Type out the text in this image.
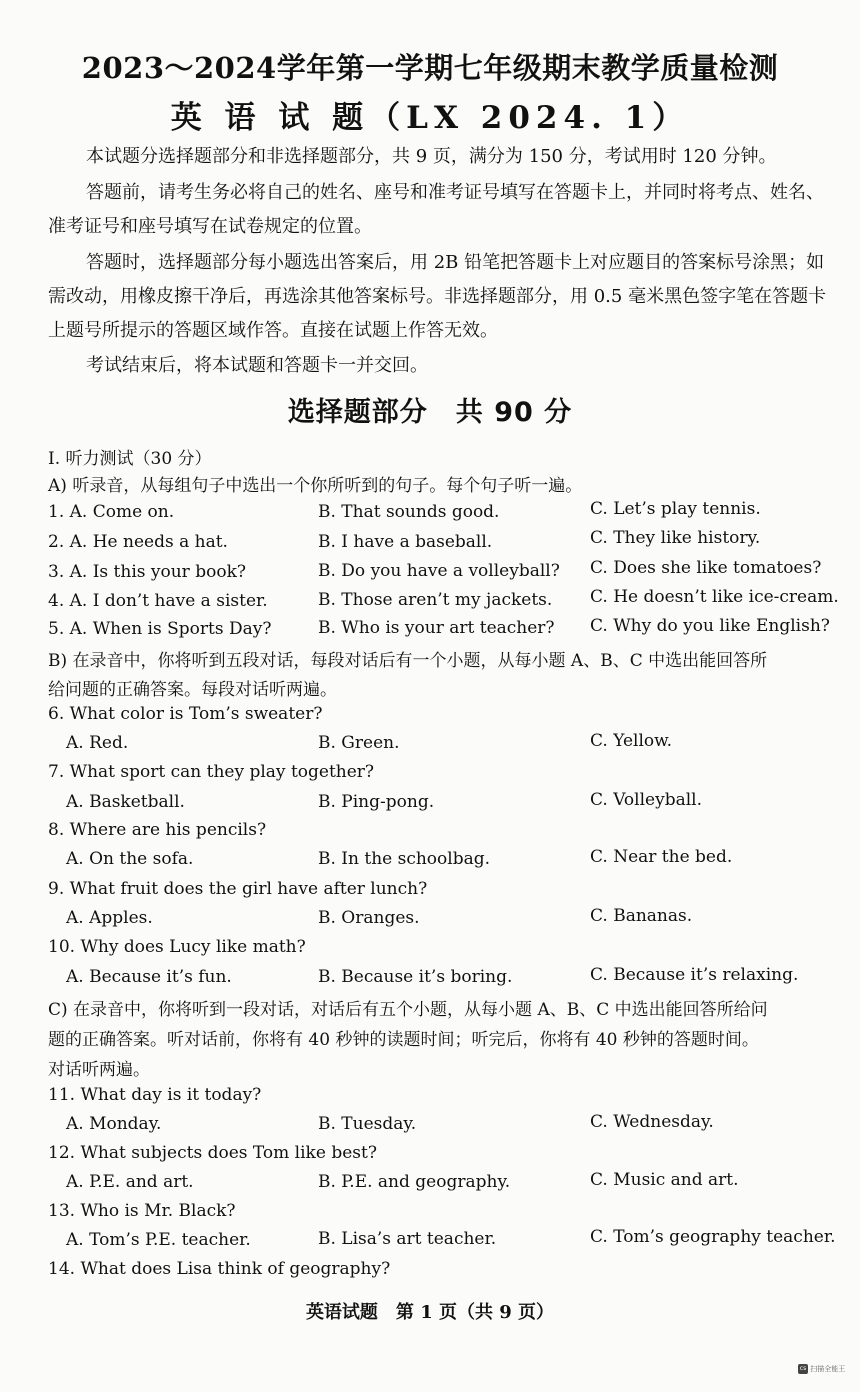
2023～2024学年第一学期七年级期末教学质量检测
英 语 试 题（LX 2024. 1）
本试题分选择题部分和非选择题部分，共 9 页，满分为 150 分，考试用时 120 分钟。
答题前，请考生务必将自己的姓名、座号和准考证号填写在答题卡上，并同时将考点、姓名、准考证号和座号填写在试卷规定的位置。
答题时，选择题部分每小题选出答案后，用 2B 铅笔把答题卡上对应题目的答案标号涂黑；如需改动，用橡皮擦干净后，再选涂其他答案标号。非选择题部分，用 0.5 毫米黑色签字笔在答题卡上题号所提示的答题区域作答。直接在试题上作答无效。
考试结束后，将本试题和答题卡一并交回。
选择题部分　共 90 分
I. 听力测试（30 分）
A) 听录音，从每组句子中选出一个你所听到的句子。每个句子听一遍。
1. A. Come on.	B. That sounds good.	C. Let’s play tennis.
2. A. He needs a hat.	B. I have a baseball.	C. They like history.
3. A. Is this your book?	B. Do you have a volleyball? C. Does she like tomatoes?
4. A. I don’t have a sister.	B. Those aren’t my jackets. C. He doesn’t like ice-cream.
5. A. When is Sports Day?	B. Who is your art teacher? C. Why do you like English?
B) 在录音中，你将听到五段对话，每段对话后有一个小题，从每小题 A、B、C 中选出能回答所
给问题的正确答案。每段对话听两遍。
6. What color is Tom’s sweater?
A. Red.	B. Green.	C. Yellow.
7. What sport can they play together?
A. Basketball.	B. Ping-pong.	C. Volleyball.
8. Where are his pencils?
A. On the sofa.	B. In the schoolbag.	C. Near the bed.
9. What fruit does the girl have after lunch?
A. Apples.	B. Oranges.	C. Bananas.
10. Why does Lucy like math?
A. Because it’s fun.	B. Because it’s boring.	C. Because it’s relaxing.
C) 在录音中，你将听到一段对话，对话后有五个小题，从每小题 A、B、C 中选出能回答所给问
题的正确答案。听对话前，你将有 40 秒钟的读题时间；听完后，你将有 40 秒钟的答题时间。
对话听两遍。
11. What day is it today?
A. Monday.	B. Tuesday.	C. Wednesday.
12. What subjects does Tom like best?
A. P.E. and art.	B. P.E. and geography.	C. Music and art.
13. Who is Mr. Black?
A. Tom’s P.E. teacher.	B. Lisa’s art teacher.	C. Tom’s geography teacher.
14. What does Lisa think of geography?
英语试题　第 1 页（共 9 页）
cs 扫描全能王
